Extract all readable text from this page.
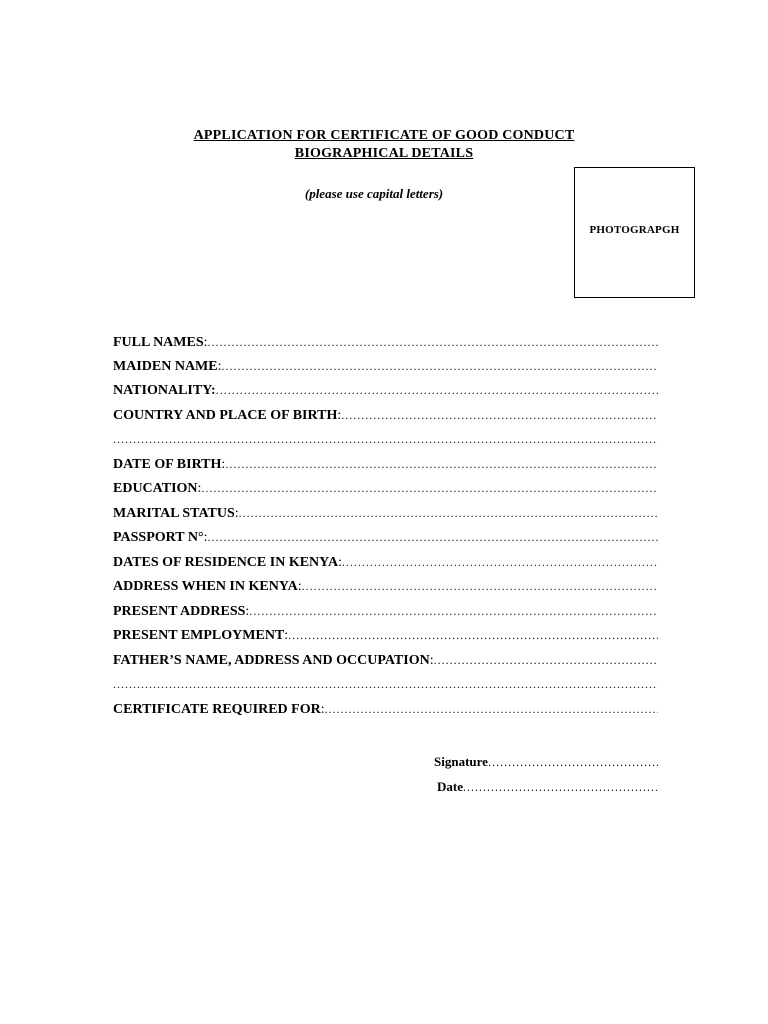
APPLICATION FOR CERTIFICATE OF GOOD CONDUCT
BIOGRAPHICAL DETAILS
(please use capital letters)
PHOTOGRAPGH
FULL NAMES :
.....
MAIDEN NAME :
.....
NATIONALITY:
.....
COUNTRY AND PLACE OF BIRTH :
.....
.....
DATE OF BIRTH :
.....
EDUCATION :
.....
MARITAL STATUS :
.....
PASSPORT N° :
.....
DATES OF RESIDENCE IN KENYA :
.....
ADDRESS WHEN IN KENYA :
.....
PRESENT ADDRESS :
.....
PRESENT EMPLOYMENT :
.....
FATHER’S NAME, ADDRESS AND OCCUPATION :
.....
.....
CERTIFICATE REQUIRED FOR :
.....
Signature
.....
Date
.....
